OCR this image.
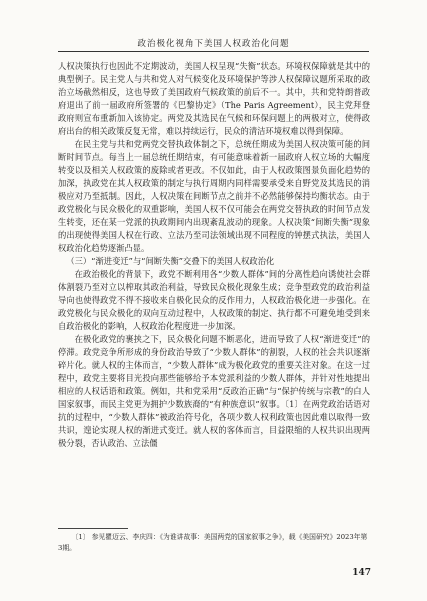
政治极化视角下美国人权政治化问题

人权决策执行也因此不定期波动，美国人权呈现“失衡”状态。环境权保障就是其中的典型例子。民主党人与共和党人对气候变化及环境保护等涉人权保障议题所采取的政治立场截然相反，这也导致了美国政府气候政策的前后不一。其中，共和党特朗普政府退出了前一届政府所签署的《巴黎协定》（The Paris Agreement），民主党拜登政府则宣布重新加入该协定。两党及其选民在气候和环保问题上的两极对立，使得政府出台的相关政策反复无常，难以持续运行，民众的清洁环境权难以得到保障。

在民主党与共和党两党交替执政体制之下，总统任期成为美国人权决策可能的间断时间节点。每当上一届总统任期结束，有可能意味着新一届政府人权立场的大幅度转变以及相关人权政策的废除或者更改。不仅如此，由于人权政策图景负面化趋势的加深，执政党在其人权政策的制定与执行周期内同样需要承受来自野党及其选民的消极应对乃至抵制。因此，人权决策在间断节点之前并不必然能够保持均衡状态。由于政党极化与民众极化的双重影响，美国人权不仅可能会在两党交替执政的时间节点发生转变，还在某一党派的执政期间内出现紊乱波动的现象。人权决策“间断失衡”现象的出现使得美国人权在行政、立法乃至司法领域出现不同程度的钟摆式执法，美国人权政治化趋势逐渐凸显。

（三）“渐进变迁”与“间断失衡”交叠下的美国人权政治化

在政治极化的背景下，政党不断利用各“少数人群体”间的分离性趋向诱使社会群体割裂乃至对立以榨取其政治利益，导致民众极化现象生成；竞争型政党的政治利益导向也使得政党不得不接收来自极化民众的反作用力，人权政治极化进一步强化。在政党极化与民众极化的双向互动过程中，人权政策的制定、执行都不可避免地受到来自政治极化的影响，人权政治化程度进一步加深。

在极化政党的裹挟之下，民众极化问题不断恶化，进而导致了人权“渐进变迁”的停滞。政党竞争所形成的身份政治导致了“少数人群体”的割裂，人权的社会共识逐渐碎片化。就人权的主体而言，“少数人群体”成为极化政党的重要关注对象。在这一过程中，政党主要将目光投向那些能够给予本党派利益的少数人群体，并针对性地提出相应的人权话语和政策。例如，共和党采用“反政治正确”与“保护传统与宗教”的白人国家叙事，而民主党更为拥护少数族裔的“有种族意识”叙事。〔1〕在两党政治话语对抗的过程中，“少数人群体”被政治符号化，各项少数人权利政策也因此难以取得一致共识，遑论实现人权的渐进式变迁。就人权的客体而言，目益限缩的人权共识出现两极分裂，否认政治、立法僵

〔1〕 参见瞿迈云、李庆四：《为谁讲故事：美国两党的国家叙事之争》，载《美国研究》2023年第3期。
147
